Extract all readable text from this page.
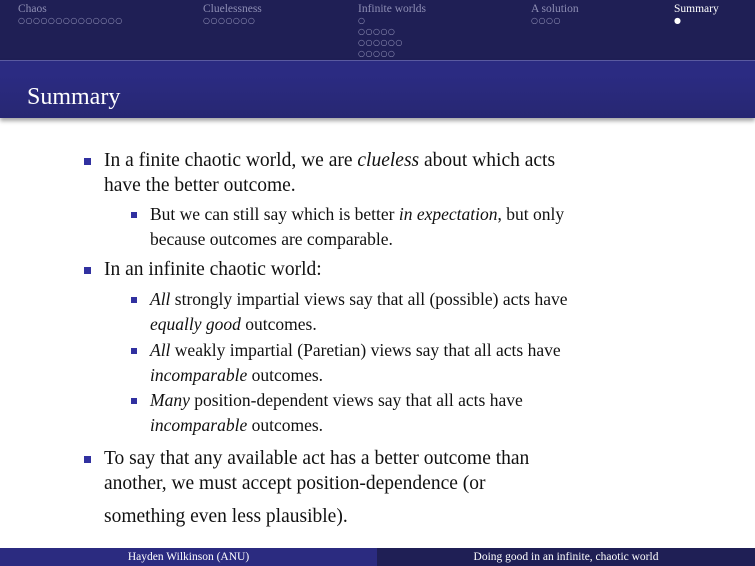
Chaos
○○○○○○○○○○○○○○
Cluelessness
○○○○○○○
Infinite worlds
○
○○○○○
○○○○○○
○○○○○
A solution
○○○○
Summary
●
Summary
In a finite chaotic world, we are clueless about which acts
have the better outcome.
But we can still say which is better in expectation, but only
because outcomes are comparable.
In an infinite chaotic world:
All strongly impartial views say that all (possible) acts have
equally good outcomes.
All weakly impartial (Paretian) views say that all acts have
incomparable outcomes.
Many position-dependent views say that all acts have
incomparable outcomes.
To say that any available act has a better outcome than
another, we must accept position-dependence (or
something even less plausible).
Hayden Wilkinson (ANU)	Doing good in an infinite, chaotic world
